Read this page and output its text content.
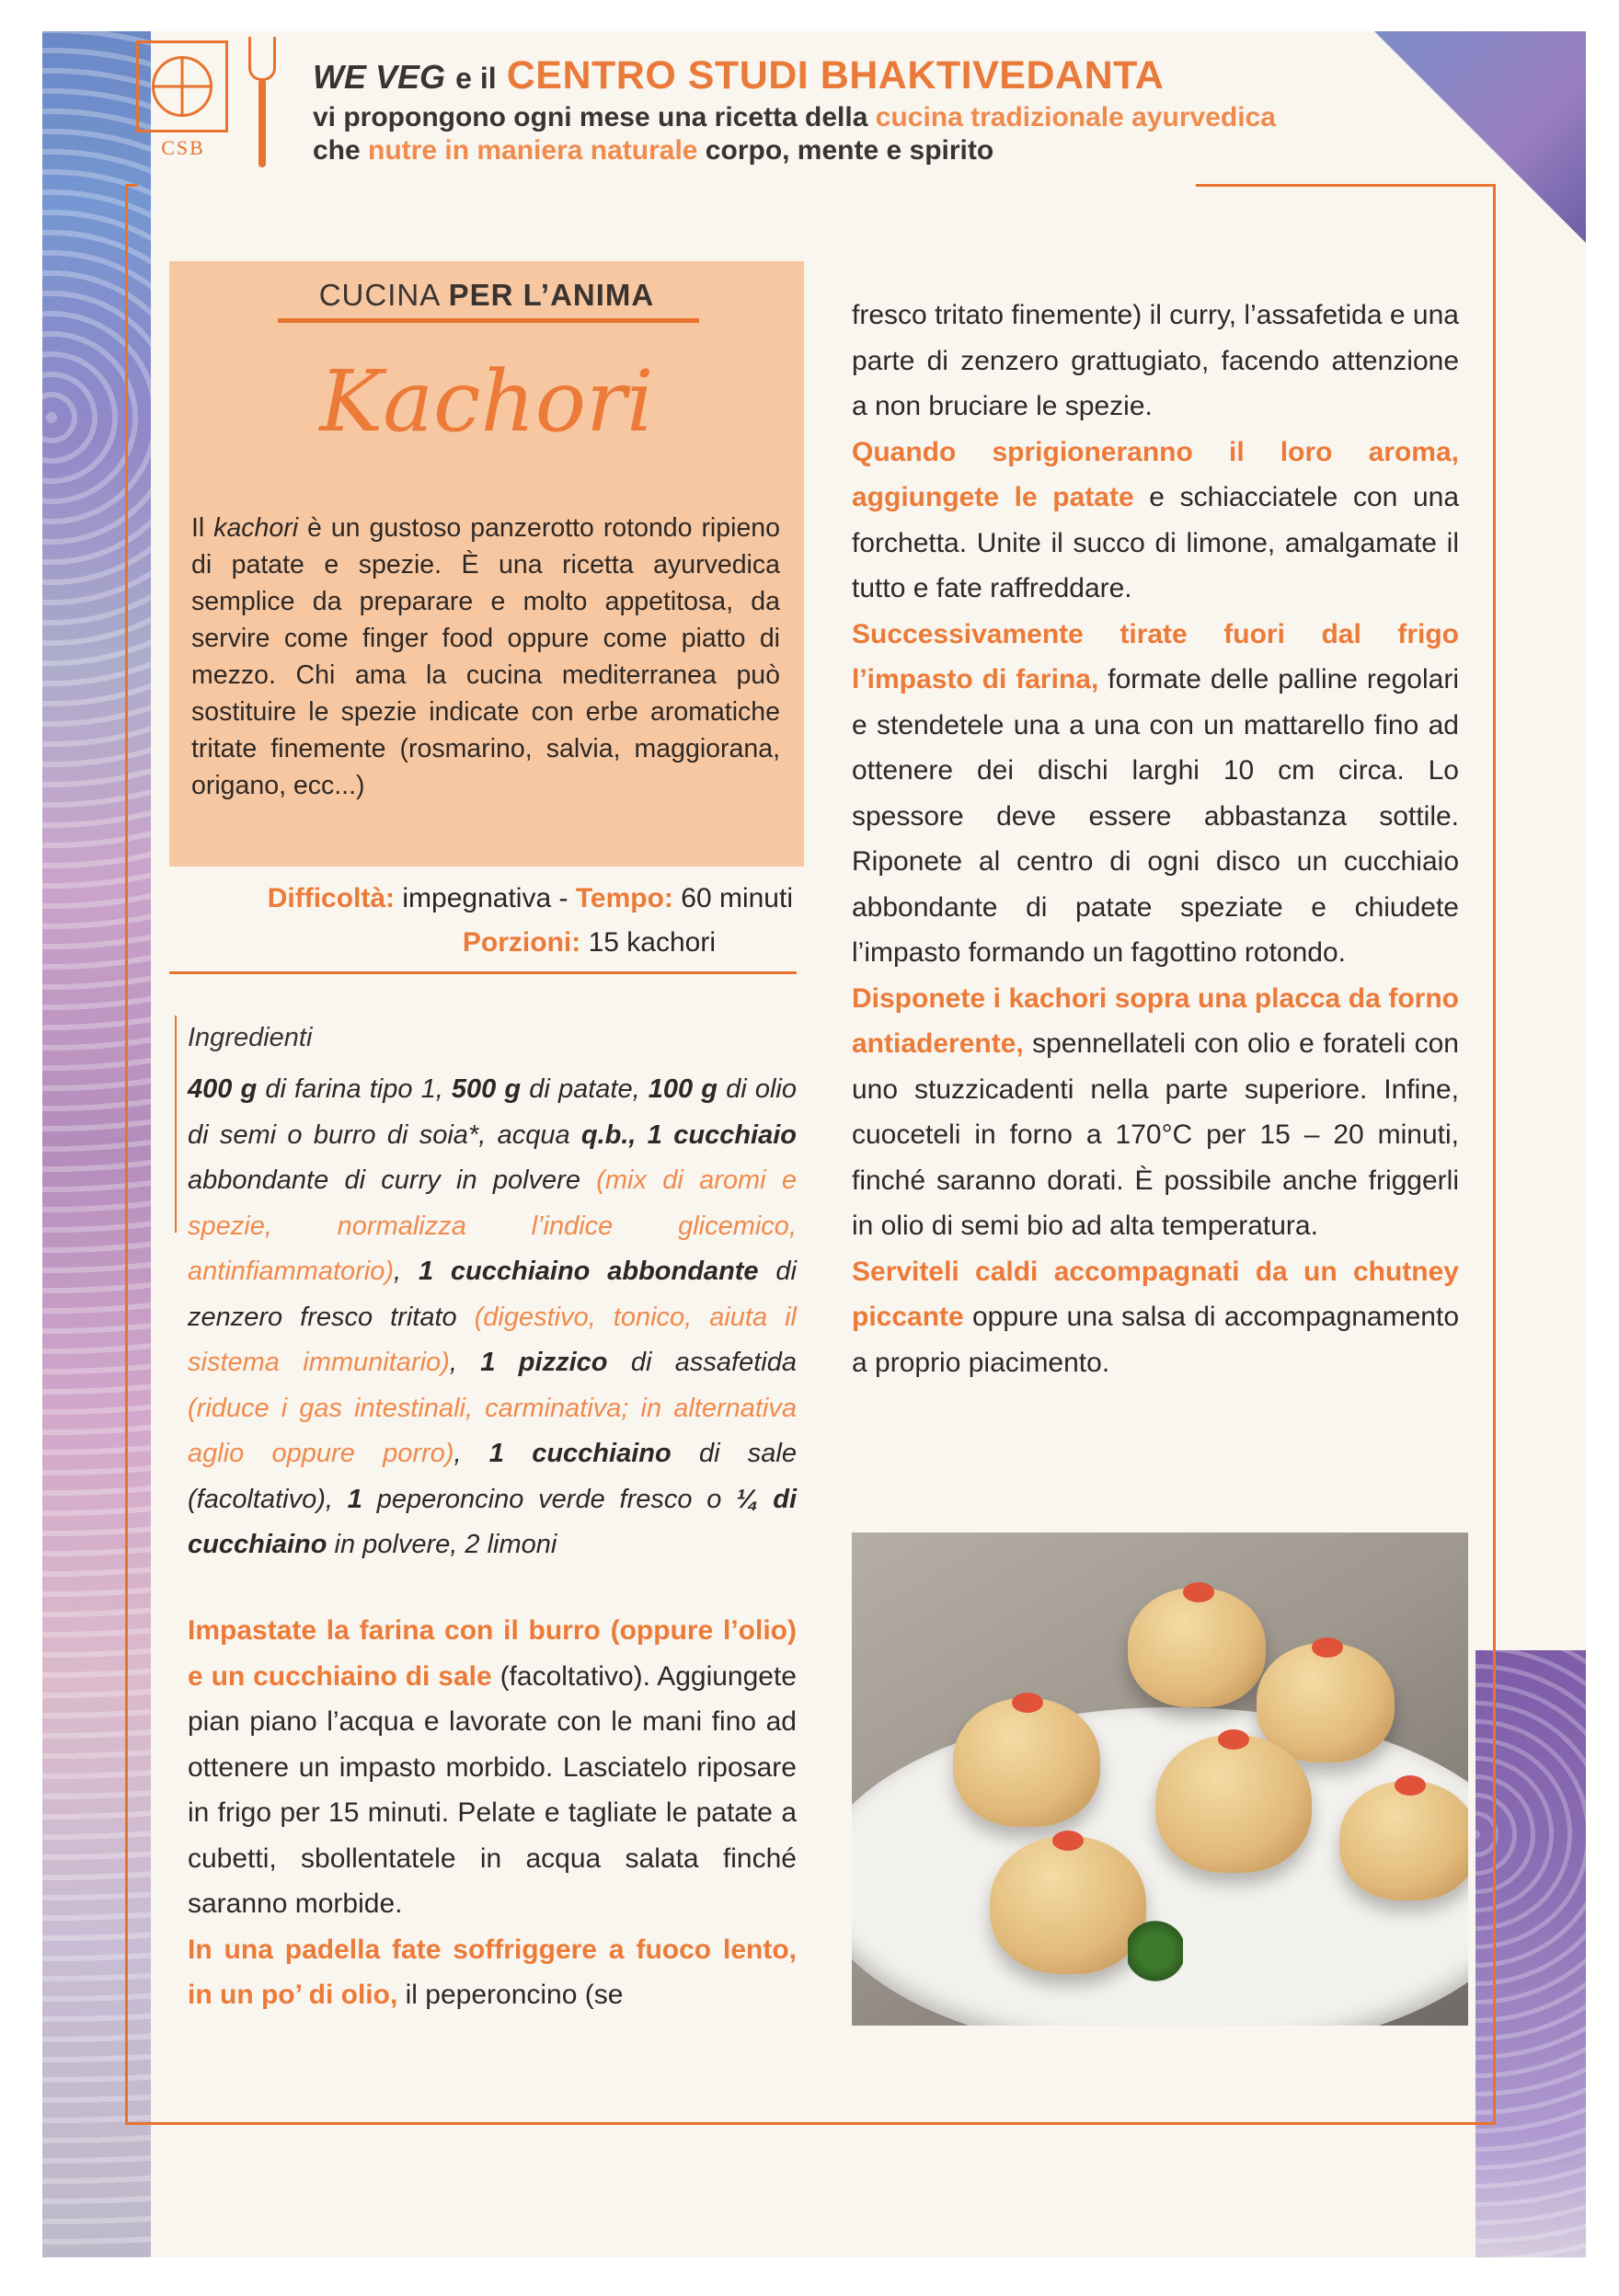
CSB
WE VEG e il CENTRO STUDI BHAKTIVEDANTA
vi propongono ogni mese una ricetta della cucina tradizionale ayurvedica
che nutre in maniera naturale corpo, mente e spirito
CUCINA PER L’ANIMA
Kachori
Il kachori è un gustoso panzerotto rotondo ripieno di patate e spezie. È una ricetta ayurvedica semplice da preparare e molto appetitosa, da servire come finger food oppure come piatto di mezzo. Chi ama la cucina mediterranea può sostituire le spezie indicate con erbe aromatiche tritate finemente (rosmarino, salvia, maggiorana, origano, ecc...)
Difficoltà: impegnativa - Tempo: 60 minuti
Porzioni: 15 kachori
Ingredienti
400 g di farina tipo 1, 500 g di patate, 100 g di olio di semi o burro di soia*, acqua q.b., 1 cucchiaio abbondante di curry in polvere (mix di aromi e spezie, normalizza l’indice glicemico, antinfiammatorio), 1 cucchiaino abbondante di zenzero fresco tritato (digestivo, tonico, aiuta il sistema immunitario), 1 pizzico di assafetida (riduce i gas intestinali, carminativa; in alternativa aglio oppure porro), 1 cucchiaino di sale (facoltativo), 1 peperoncino verde fresco o ¼ di cucchiaino in polvere, 2 limoni
Impastate la farina con il burro (oppure l’olio) e un cucchiaino di sale (facoltativo). Aggiungete pian piano l’acqua e lavorate con le mani fino ad ottenere un impasto morbido. Lasciatelo riposare in frigo per 15 minuti. Pelate e tagliate le patate a cubetti, sbollentatele in acqua salata finché saranno morbide.
In una padella fate soffriggere a fuoco lento, in un po’ di olio, il peperoncino (se
fresco tritato finemente) il curry, l’assafetida e una parte di zenzero grattugiato, facendo attenzione a non bruciare le spezie.
Quando sprigioneranno il loro aroma, aggiungete le patate e schiacciatele con una forchetta. Unite il succo di limone, amalgamate il tutto e fate raffreddare.
Successivamente tirate fuori dal frigo l’impasto di farina, formate delle palline regolari e stendetele una a una con un mattarello fino ad ottenere dei dischi larghi 10 cm circa. Lo spessore deve essere abbastanza sottile. Riponete al centro di ogni disco un cucchiaio abbondante di patate speziate e chiudete l’impasto formando un fagottino rotondo.
Disponete i kachori sopra una placca da forno antiaderente, spennellateli con olio e forateli con uno stuzzicadenti nella parte superiore. Infine, cuoceteli in forno a 170°C per 15 – 20 minuti, finché saranno dorati. È possibile anche friggerli in olio di semi bio ad alta temperatura.
Serviteli caldi accompagnati da un chutney piccante oppure una salsa di accompagnamento a proprio piacimento.
